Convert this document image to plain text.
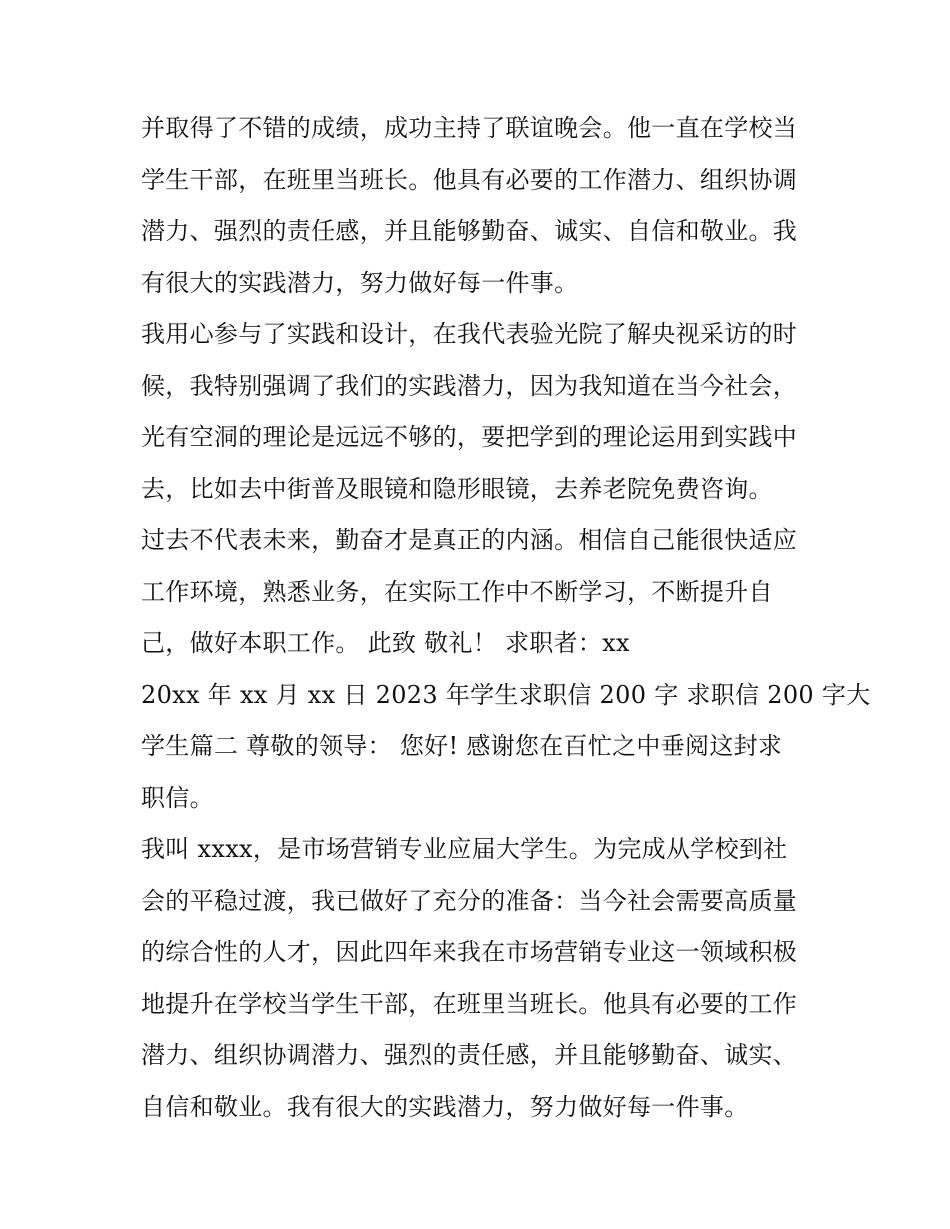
并取得了不错的成绩，成功主持了联谊晚会。他一直在学校当
学生干部，在班里当班长。他具有必要的工作潜力、组织协调
潜力、强烈的责任感，并且能够勤奋、诚实、自信和敬业。我
有很大的实践潜力，努力做好每一件事。
我用心参与了实践和设计，在我代表验光院了解央视采访的时
候，我特别强调了我们的实践潜力，因为我知道在当今社会，
光有空洞的理论是远远不够的，要把学到的理论运用到实践中
去，比如去中街普及眼镜和隐形眼镜，去养老院免费咨询。
过去不代表未来，勤奋才是真正的内涵。相信自己能很快适应
工作环境，熟悉业务，在实际工作中不断学习，不断提升自
己，做好本职工作。 此致 敬礼！ 求职者：xx
20xx 年 xx 月 xx 日 2023 年学生求职信 200 字 求职信 200 字大
学生篇二 尊敬的领导： 您好! 感谢您在百忙之中垂阅这封求
职信。
我叫 xxxx，是市场营销专业应届大学生。为完成从学校到社
会的平稳过渡，我已做好了充分的准备：当今社会需要高质量
的综合性的人才，因此四年来我在市场营销专业这一领域积极
地提升在学校当学生干部，在班里当班长。他具有必要的工作
潜力、组织协调潜力、强烈的责任感，并且能够勤奋、诚实、
自信和敬业。我有很大的实践潜力，努力做好每一件事。
